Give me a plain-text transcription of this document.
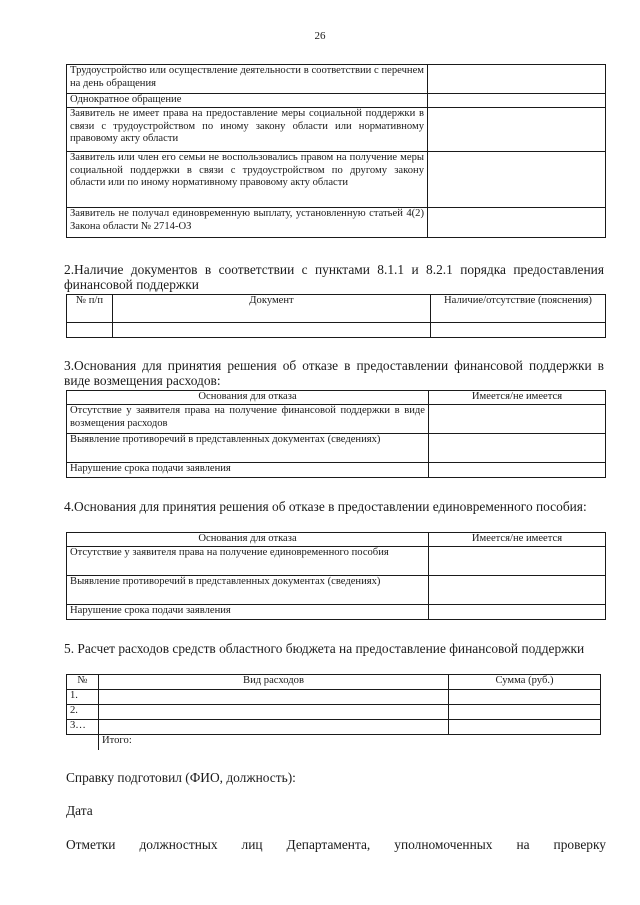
26
Трудоустройство или осуществление деятельности в соответствии с перечнем на день обращения	
Однократное обращение	
Заявитель не имеет права на предоставление меры социальной поддержки в связи с трудоустройством по иному закону области или нормативному правовому акту области	
Заявитель или член его семьи не воспользовались правом на получение меры социальной поддержки в связи с трудоустройством по другому закону области или по иному нормативному правовому акту области	
Заявитель не получал единовременную выплату, установленную статьей 4(2) Закона области № 2714-ОЗ	
2.Наличие документов в соответствии с пунктами 8.1.1 и 8.2.1 порядка предоставления финансовой поддержки
№ п/п	Документ	Наличие/отсутствие (пояснения)

3.Основания для принятия решения об отказе в предоставлении финансовой поддержки в виде возмещения расходов:
Основания для отказа	Имеется/не имеется
Отсутствие у заявителя права на получение финансовой поддержки в виде возмещения расходов	
Выявление противоречий в представленных документах (сведениях)	
Нарушение срока подачи заявления	
4.Основания для принятия решения об отказе в предоставлении единовременного пособия:
Основания для отказа	Имеется/не имеется
Отсутствие у заявителя права на получение единовременного пособия	
Выявление противоречий в представленных документах (сведениях)	
Нарушение срока подачи заявления	
5. Расчет расходов средств областного бюджета на предоставление финансовой поддержки
№	Вид расходов	Сумма (руб.)
1.		
2.		
3…		
	Итого:	
Справку подготовил (ФИО, должность):
Дата
Отметки должностных лиц Департамента, уполномоченных на проверку
